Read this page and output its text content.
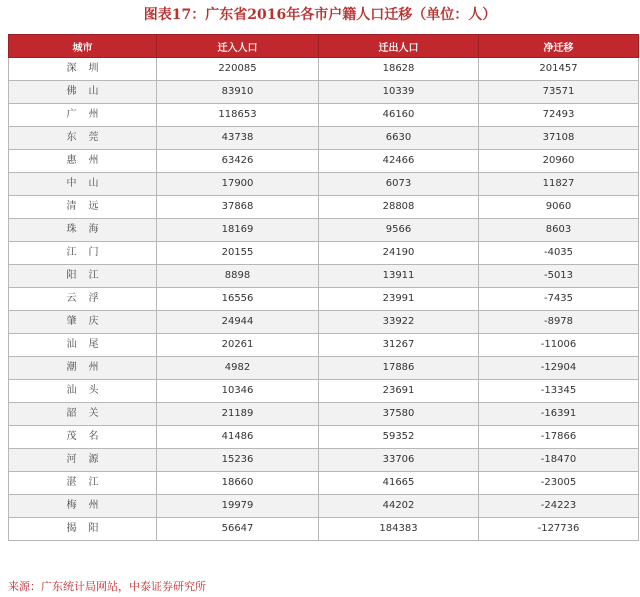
图表17：广东省2016年各市户籍人口迁移（单位：人）
城市	迁入人口	迁出人口	净迁移
深圳	220085	18628	201457
佛山	83910	10339	73571
广州	118653	46160	72493
东莞	43738	6630	37108
惠州	63426	42466	20960
中山	17900	6073	11827
清远	37868	28808	9060
珠海	18169	9566	8603
江门	20155	24190	-4035
阳江	8898	13911	-5013
云浮	16556	23991	-7435
肇庆	24944	33922	-8978
汕尾	20261	31267	-11006
潮州	4982	17886	-12904
汕头	10346	23691	-13345
韶关	21189	37580	-16391
茂名	41486	59352	-17866
河源	15236	33706	-18470
湛江	18660	41665	-23005
梅州	19979	44202	-24223
揭阳	56647	184383	-127736
来源：广东统计局网站，中泰证券研究所
